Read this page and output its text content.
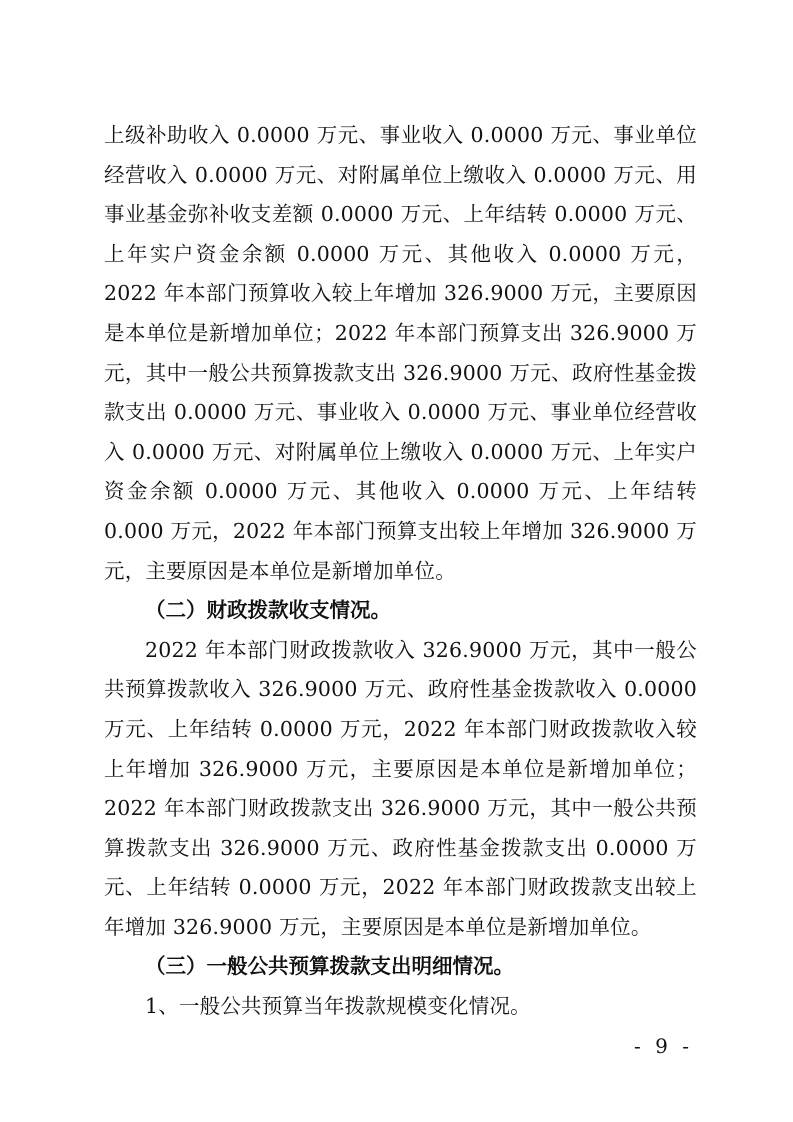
上级补助收入 0.0000 万元、事业收入 0.0000 万元、事业单位经营收入 0.0000 万元、对附属单位上缴收入 0.0000 万元、用事业基金弥补收支差额 0.0000 万元、上年结转 0.0000 万元、上年实户资金余额 0.0000 万元、其他收入 0.0000 万元，2022 年本部门预算收入较上年增加 326.9000 万元，主要原因是本单位是新增加单位；2022 年本部门预算支出 326.9000 万元，其中一般公共预算拨款支出 326.9000 万元、政府性基金拨款支出 0.0000 万元、事业收入 0.0000 万元、事业单位经营收入 0.0000 万元、对附属单位上缴收入 0.0000 万元、上年实户资金余额 0.0000 万元、其他收入 0.0000 万元、上年结转 0.000 万元，2022 年本部门预算支出较上年增加 326.9000 万元，主要原因是本单位是新增加单位。

（二）财政拨款收支情况。

2022 年本部门财政拨款收入 326.9000 万元，其中一般公共预算拨款收入 326.9000 万元、政府性基金拨款收入 0.0000 万元、上年结转 0.0000 万元，2022 年本部门财政拨款收入较上年增加 326.9000 万元，主要原因是本单位是新增加单位；2022 年本部门财政拨款支出 326.9000 万元，其中一般公共预算拨款支出 326.9000 万元、政府性基金拨款支出 0.0000 万元、上年结转 0.0000 万元，2022 年本部门财政拨款支出较上年增加 326.9000 万元，主要原因是本单位是新增加单位。

（三）一般公共预算拨款支出明细情况。

1、一般公共预算当年拨款规模变化情况。

- 9 -
